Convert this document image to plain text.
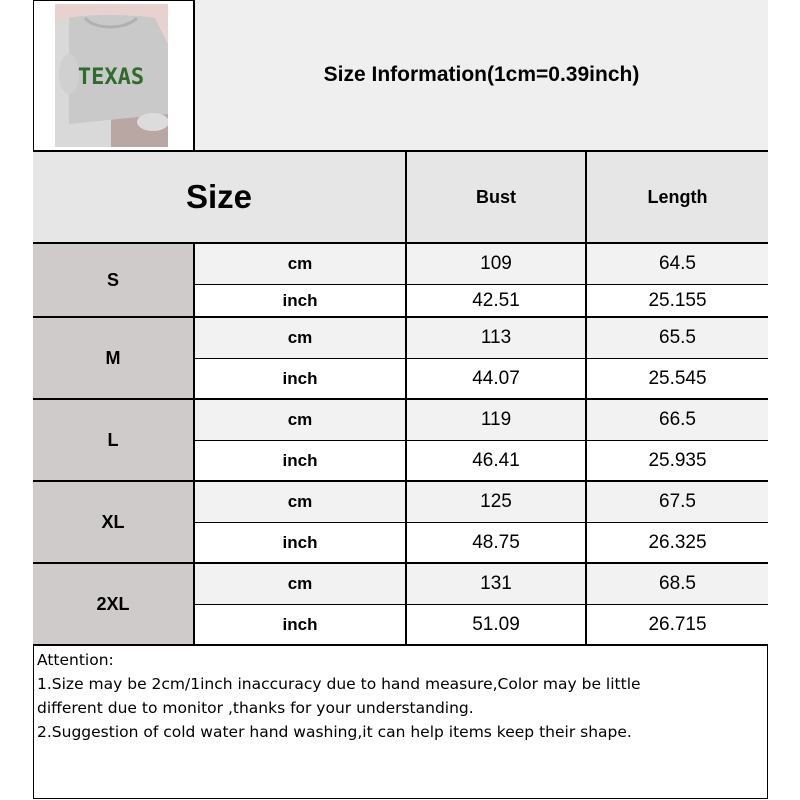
TEXAS	Size Information(1cm=0.39inch)
Size	Bust	Length
S
cm	109	64.5
inch	42.51	25.155
M
cm	113	65.5
inch	44.07	25.545
L
cm	119	66.5
inch	46.41	25.935
XL
cm	125	67.5
inch	48.75	26.325
2XL
cm	131	68.5
inch	51.09	26.715

Attention:

1.Size may be 2cm/1inch inaccuracy due to hand measure,Color may be little

different due to monitor ,thanks for your understanding.

2.Suggestion of cold water hand washing,it can help items keep their shape.
